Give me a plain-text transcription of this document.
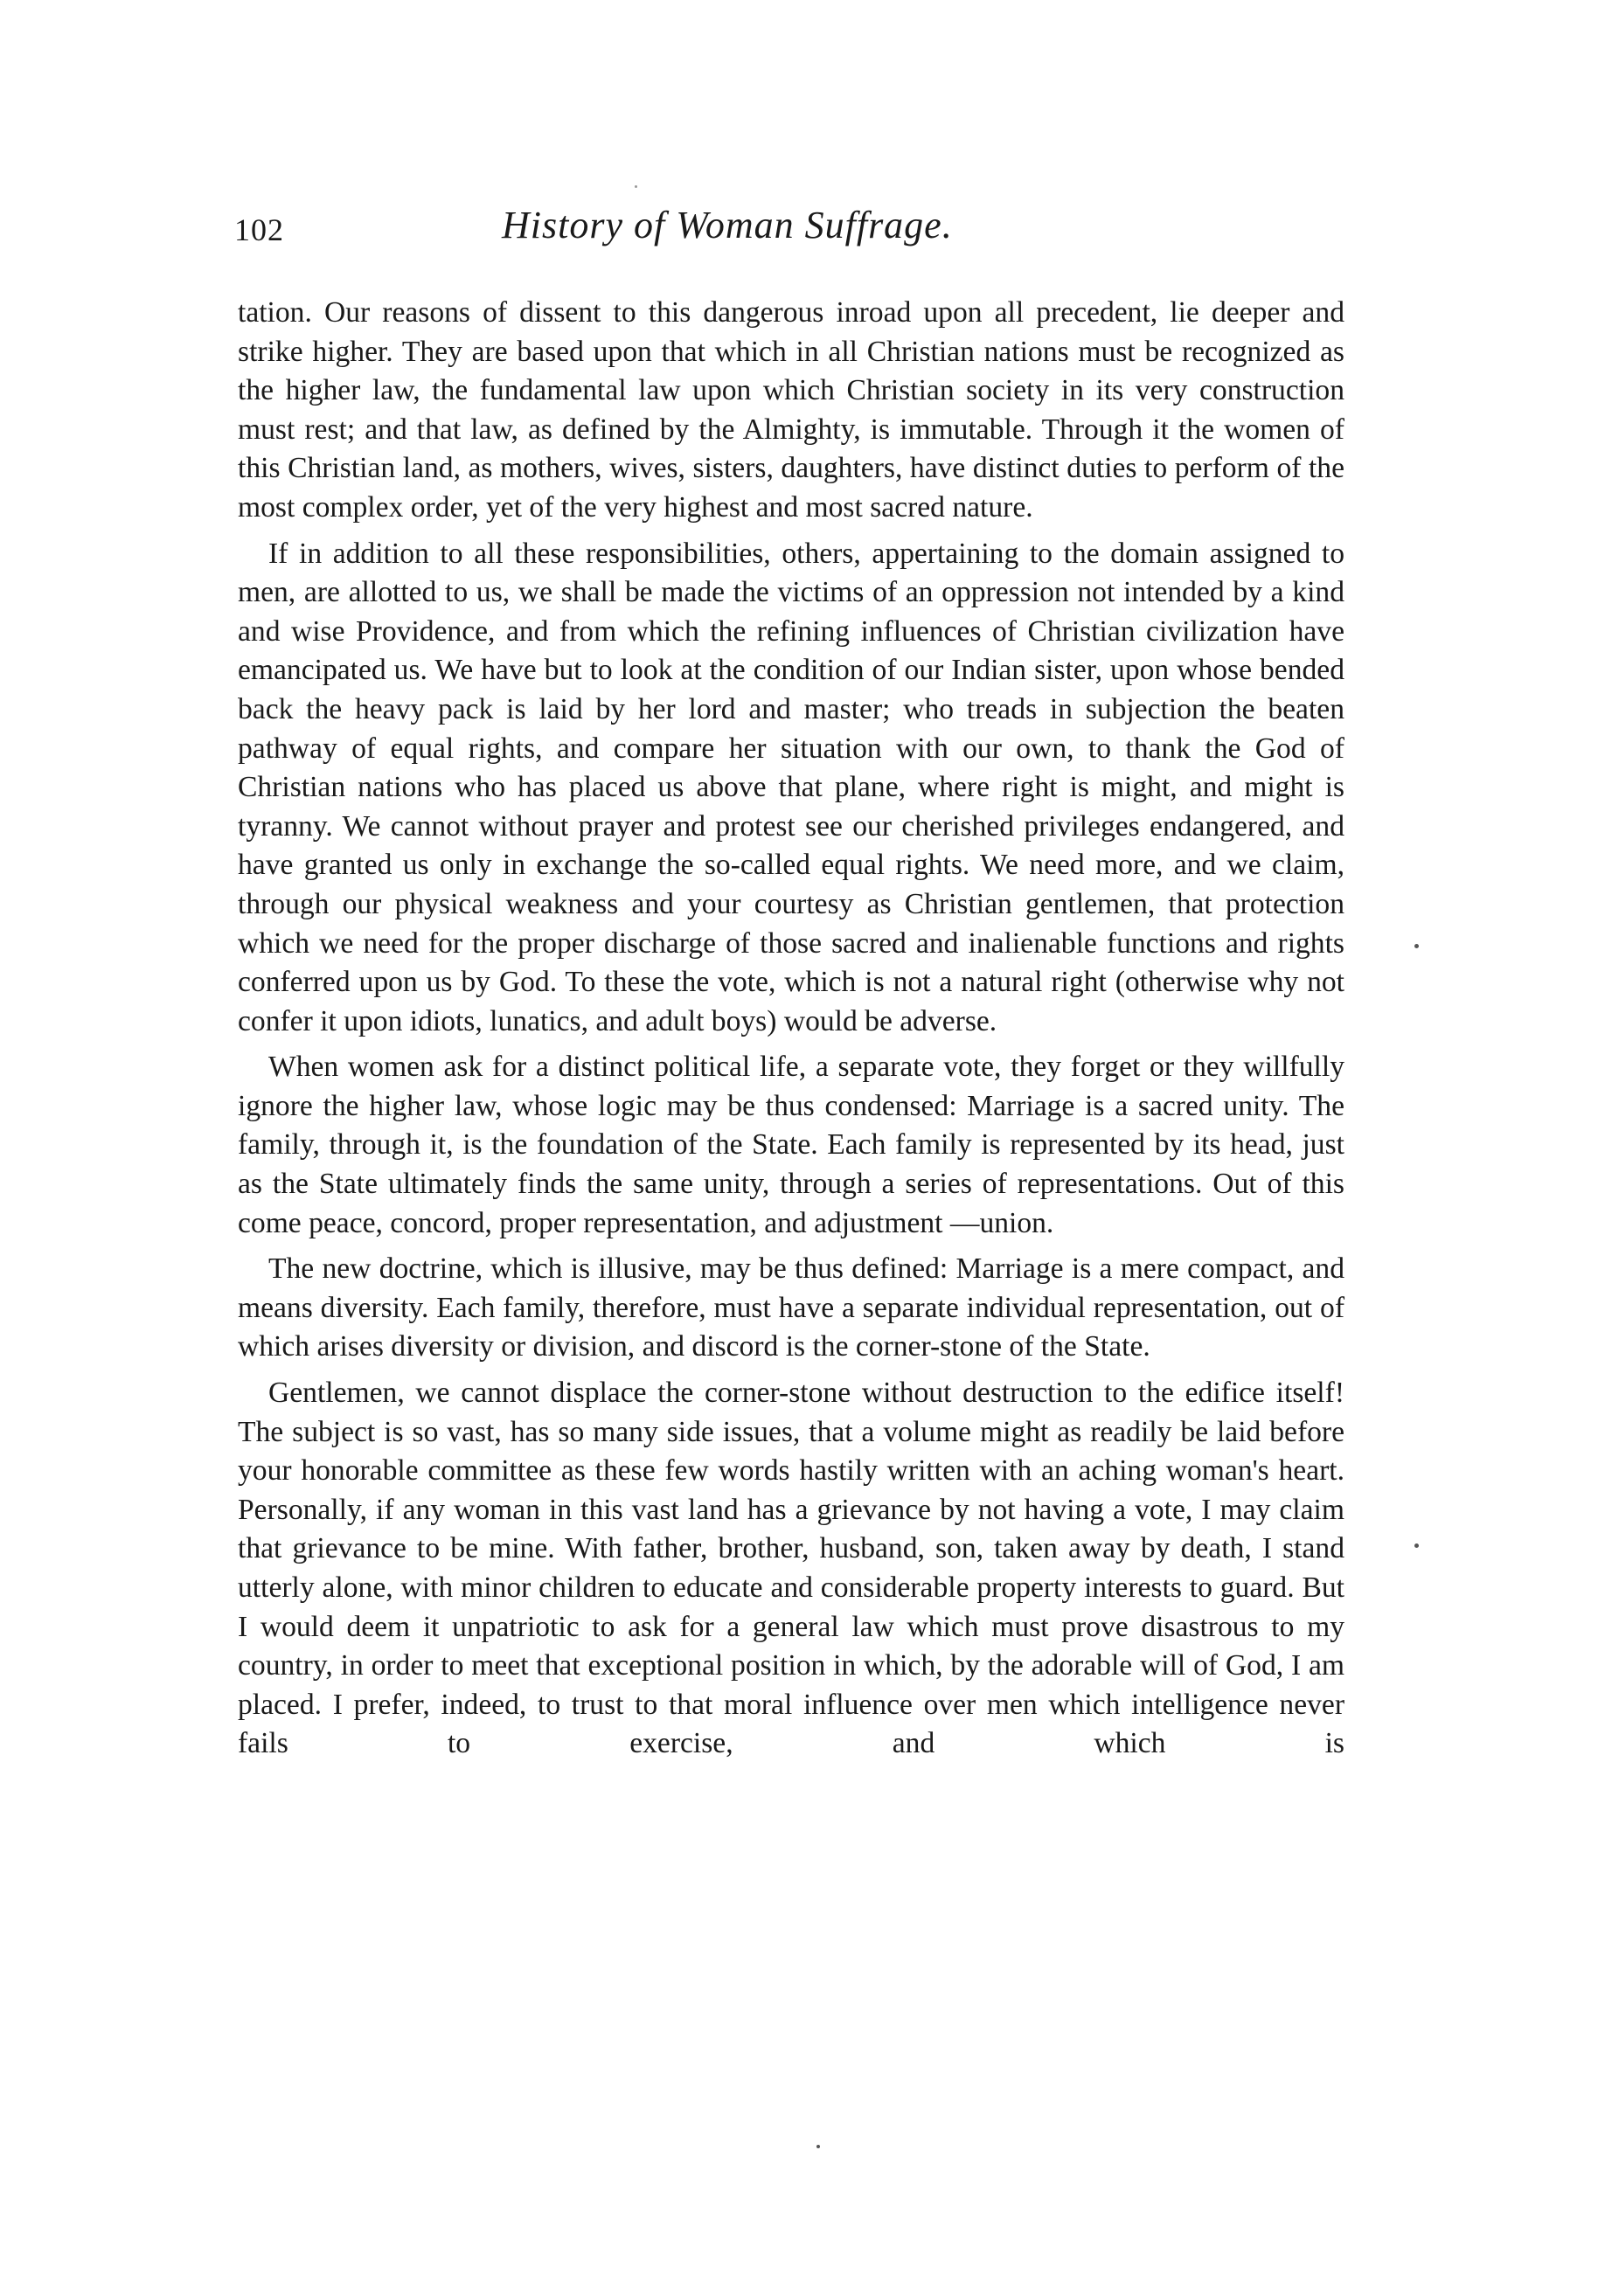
102	History of Woman Suffrage.

tation. Our reasons of dissent to this dangerous inroad upon all precedent, lie deeper and strike higher. They are based upon that which in all Christian nations must be recognized as the higher law, the fundamental law upon which Christian society in its very construction must rest; and that law, as defined by the Almighty, is immutable. Through it the women of this Christian land, as mothers, wives, sisters, daughters, have distinct duties to perform of the most complex order, yet of the very highest and most sacred nature.

If in addition to all these responsibilities, others, appertaining to the domain assigned to men, are allotted to us, we shall be made the victims of an oppression not intended by a kind and wise Providence, and from which the refining influences of Christian civilization have emancipated us. We have but to look at the condition of our Indian sister, upon whose bended back the heavy pack is laid by her lord and master; who treads in subjection the beaten pathway of equal rights, and compare her situation with our own, to thank the God of Christian nations who has placed us above that plane, where right is might, and might is tyranny. We cannot without prayer and protest see our cherished privileges endangered, and have granted us only in exchange the so-called equal rights. We need more, and we claim, through our physical weakness and your courtesy as Christian gentlemen, that protection which we need for the proper discharge of those sacred and inalienable functions and rights conferred upon us by God. To these the vote, which is not a natural right (otherwise why not confer it upon idiots, lunatics, and adult boys) would be adverse.

When women ask for a distinct political life, a separate vote, they forget or they willfully ignore the higher law, whose logic may be thus condensed: Marriage is a sacred unity. The family, through it, is the foundation of the State. Each family is represented by its head, just as the State ultimately finds the same unity, through a series of representations. Out of this come peace, concord, proper representation, and adjustment —union.

The new doctrine, which is illusive, may be thus defined: Marriage is a mere compact, and means diversity. Each family, therefore, must have a separate individual representation, out of which arises diversity or division, and discord is the corner-stone of the State.

Gentlemen, we cannot displace the corner-stone without destruction to the edifice itself! The subject is so vast, has so many side issues, that a volume might as readily be laid before your honorable committee as these few words hastily written with an aching woman's heart. Personally, if any woman in this vast land has a grievance by not having a vote, I may claim that grievance to be mine. With father, brother, husband, son, taken away by death, I stand utterly alone, with minor children to educate and considerable property interests to guard. But I would deem it unpatriotic to ask for a general law which must prove disastrous to my country, in order to meet that exceptional position in which, by the adorable will of God, I am placed. I prefer, indeed, to trust to that moral influence over men which intelligence never fails to exercise, and which is
